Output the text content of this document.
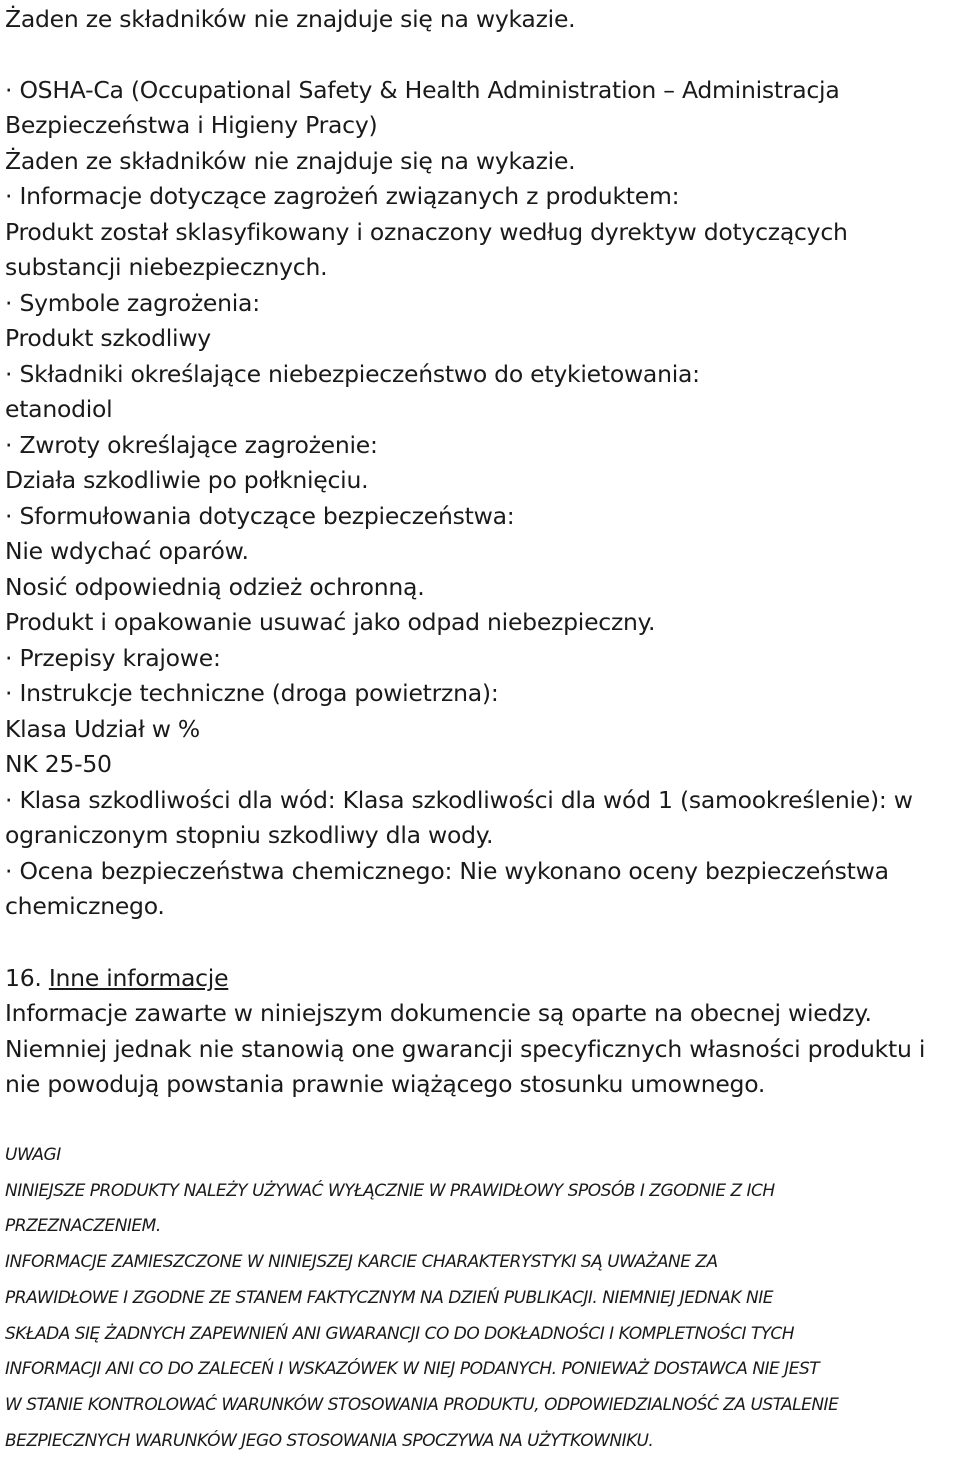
Żaden ze składników nie znajduje się na wykazie.
· OSHA-Ca (Occupational Safety & Health Administration – Administracja
Bezpieczeństwa i Higieny Pracy)
Żaden ze składników nie znajduje się na wykazie.
· Informacje dotyczące zagrożeń związanych z produktem:
Produkt został sklasyfikowany i oznaczony według dyrektyw dotyczących
substancji niebezpiecznych.
· Symbole zagrożenia:
Produkt szkodliwy
· Składniki określające niebezpieczeństwo do etykietowania:
etanodiol
· Zwroty określające zagrożenie:
Działa szkodliwie po połknięciu.
· Sformułowania dotyczące bezpieczeństwa:
Nie wdychać oparów.
Nosić odpowiednią odzież ochronną.
Produkt i opakowanie usuwać jako odpad niebezpieczny.
· Przepisy krajowe:
· Instrukcje techniczne (droga powietrzna):
Klasa Udział w %
NK 25-50
· Klasa szkodliwości dla wód: Klasa szkodliwości dla wód 1 (samookreślenie): w
ograniczonym stopniu szkodliwy dla wody.
· Ocena bezpieczeństwa chemicznego: Nie wykonano oceny bezpieczeństwa
chemicznego.
16. Inne informacje
Informacje zawarte w niniejszym dokumencie są oparte na obecnej wiedzy.
Niemniej jednak nie stanowią one gwarancji specyficznych własności produktu i
nie powodują powstania prawnie wiążącego stosunku umownego.
UWAGI
NINIEJSZE PRODUKTY NALEŻY UŻYWAĆ WYŁĄCZNIE W PRAWIDŁOWY SPOSÓB I ZGODNIE Z ICH
PRZEZNACZENIEM.
INFORMACJE ZAMIESZCZONE W NINIEJSZEJ KARCIE CHARAKTERYSTYKI SĄ UWAŻANE ZA
PRAWIDŁOWE I ZGODNE ZE STANEM FAKTYCZNYM NA DZIEŃ PUBLIKACJI. NIEMNIEJ JEDNAK NIE
SKŁADA SIĘ ŻADNYCH ZAPEWNIEŃ ANI GWARANCJI CO DO DOKŁADNOŚCI I KOMPLETNOŚCI TYCH
INFORMACJI ANI CO DO ZALECEŃ I WSKAZÓWEK W NIEJ PODANYCH. PONIEWAŻ DOSTAWCA NIE JEST
W STANIE KONTROLOWAĆ WARUNKÓW STOSOWANIA PRODUKTU, ODPOWIEDZIALNOŚĆ ZA USTALENIE
BEZPIECZNYCH WARUNKÓW JEGO STOSOWANIA SPOCZYWA NA UŻYTKOWNIKU.
